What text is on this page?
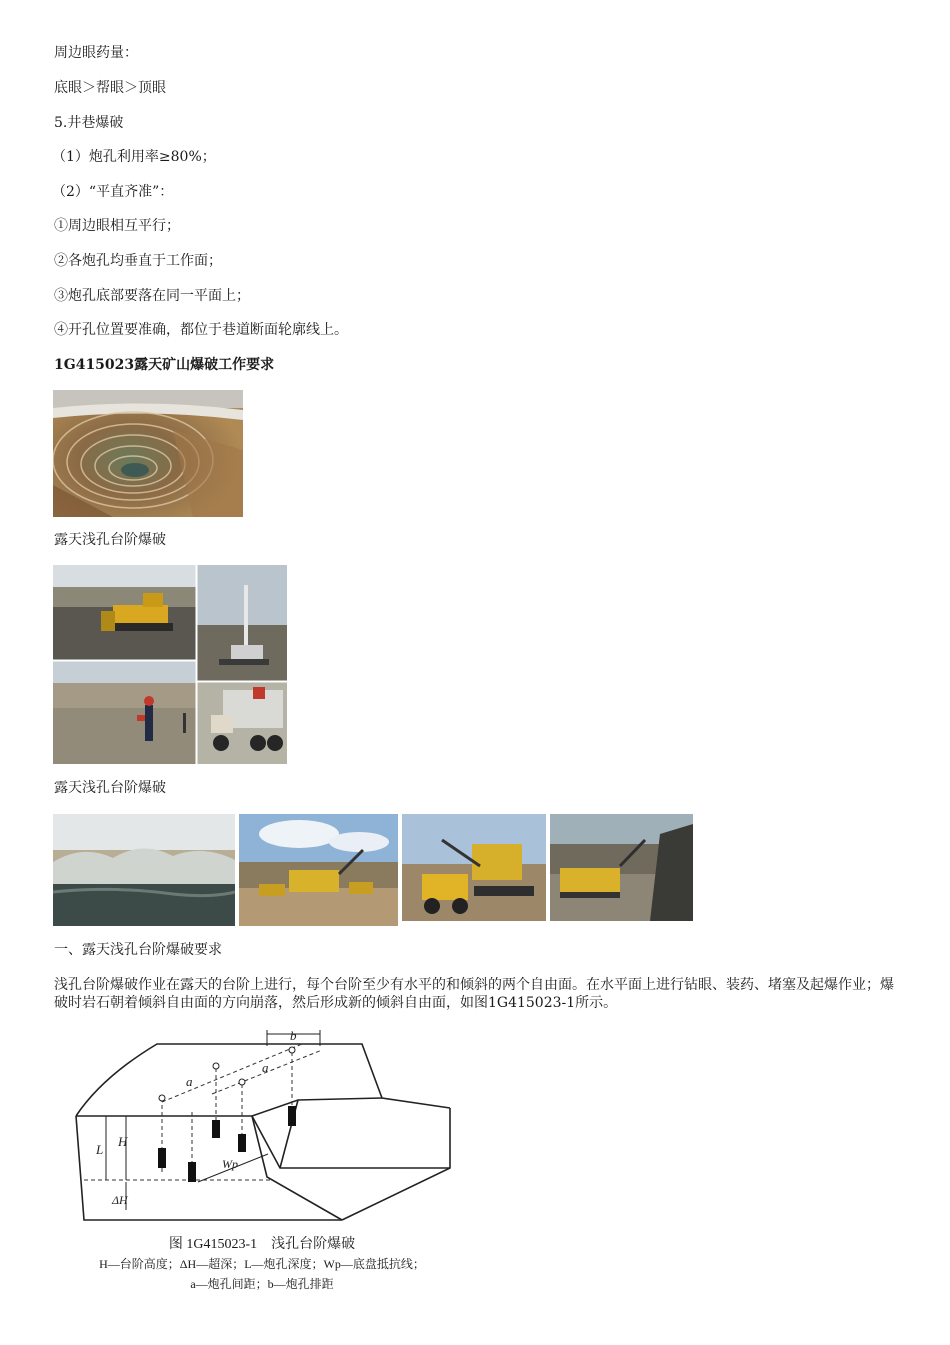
周边眼药量：
底眼＞帮眼＞顶眼
5.井巷爆破
（1）炮孔利用率≥80%；
（2）“平直齐准”：
①周边眼相互平行；
②各炮孔均垂直于工作面；
③炮孔底部要落在同一平面上；
④开孔位置要准确，都位于巷道断面轮廓线上。
1G415023露天矿山爆破工作要求
露天浅孔台阶爆破
露天浅孔台阶爆破
一、露天浅孔台阶爆破要求
浅孔台阶爆破作业在露天的台阶上进行，每个台阶至少有水平的和倾斜的两个自由面。在水平面上进行钻眼、装药、堵塞及起爆作业；爆破时岩石朝着倾斜自由面的方向崩落，然后形成新的倾斜自由面，如图1G415023-1所示。
L
H
ΔH
Wp
a
a
b
图 1G415023-1　浅孔台阶爆破
H—台阶高度；ΔH—超深；L—炮孔深度；Wp—底盘抵抗线；
a—炮孔间距；b—炮孔排距
